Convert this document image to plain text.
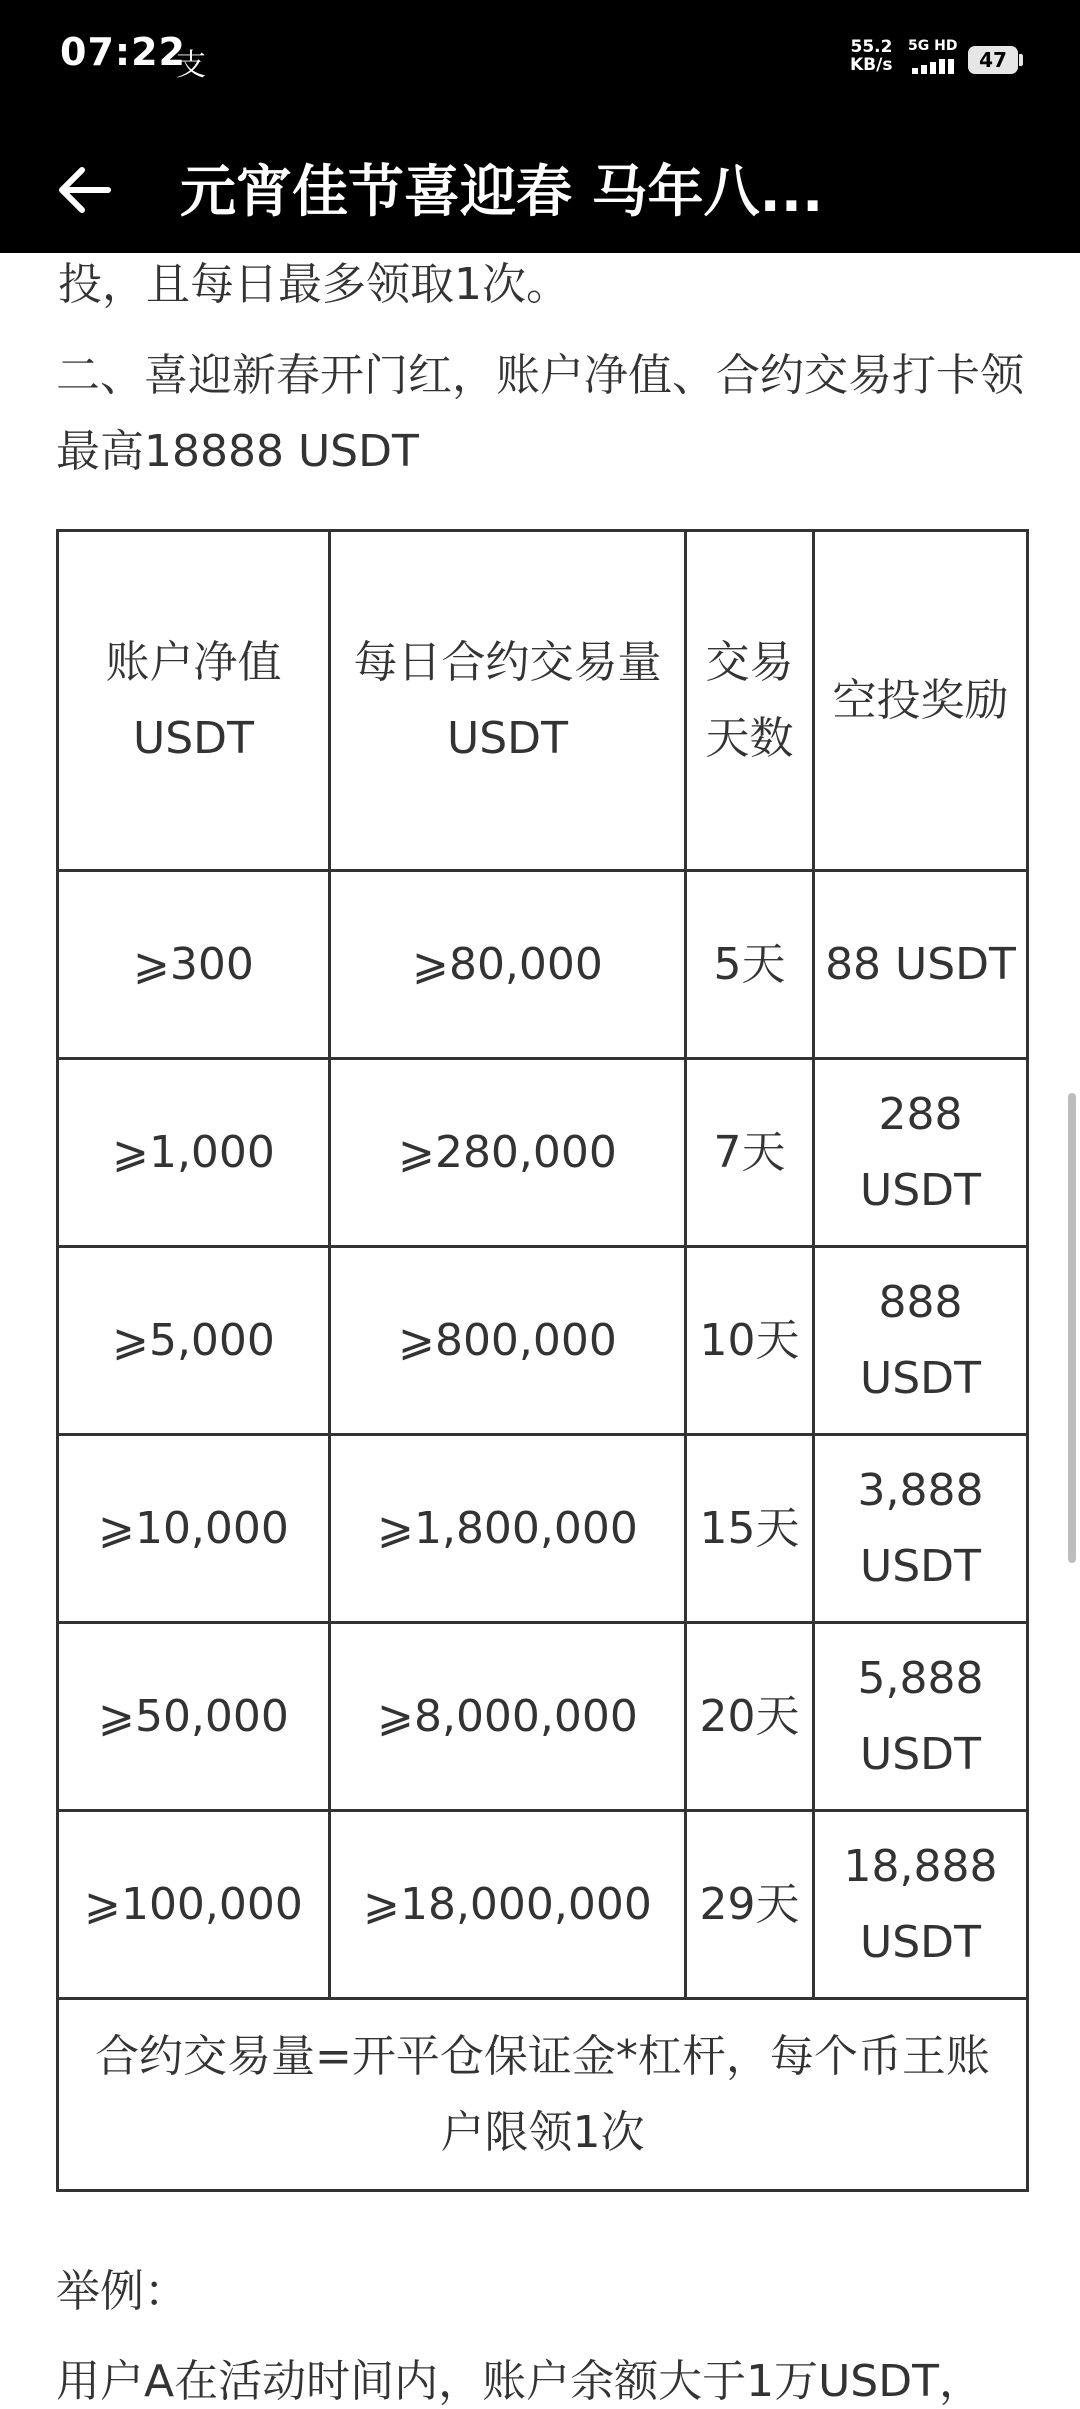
07:22
支
55.2
KB/s
5G HD
47
元宵佳节喜迎春 马年八...
投，且每日最多领取1次。
二、喜迎新春开门红，账户净值、合约交易打卡领最高18888 USDT
账户净值USDT	每日合约交易量USDT	交易天数	空投奖励
⩾300	⩾80,000	5天	88 USDT
⩾1,000	⩾280,000	7天	288 USDT
⩾5,000	⩾800,000	10天	888 USDT
⩾10,000	⩾1,800,000	15天	3,888 USDT
⩾50,000	⩾8,000,000	20天	5,888 USDT
⩾100,000	⩾18,000,000	29天	18,888 USDT
合约交易量=开平仓保证金*杠杆，每个币王账户限领1次			
举例：
用户A在活动时间内，账户余额大于1万USDT，
